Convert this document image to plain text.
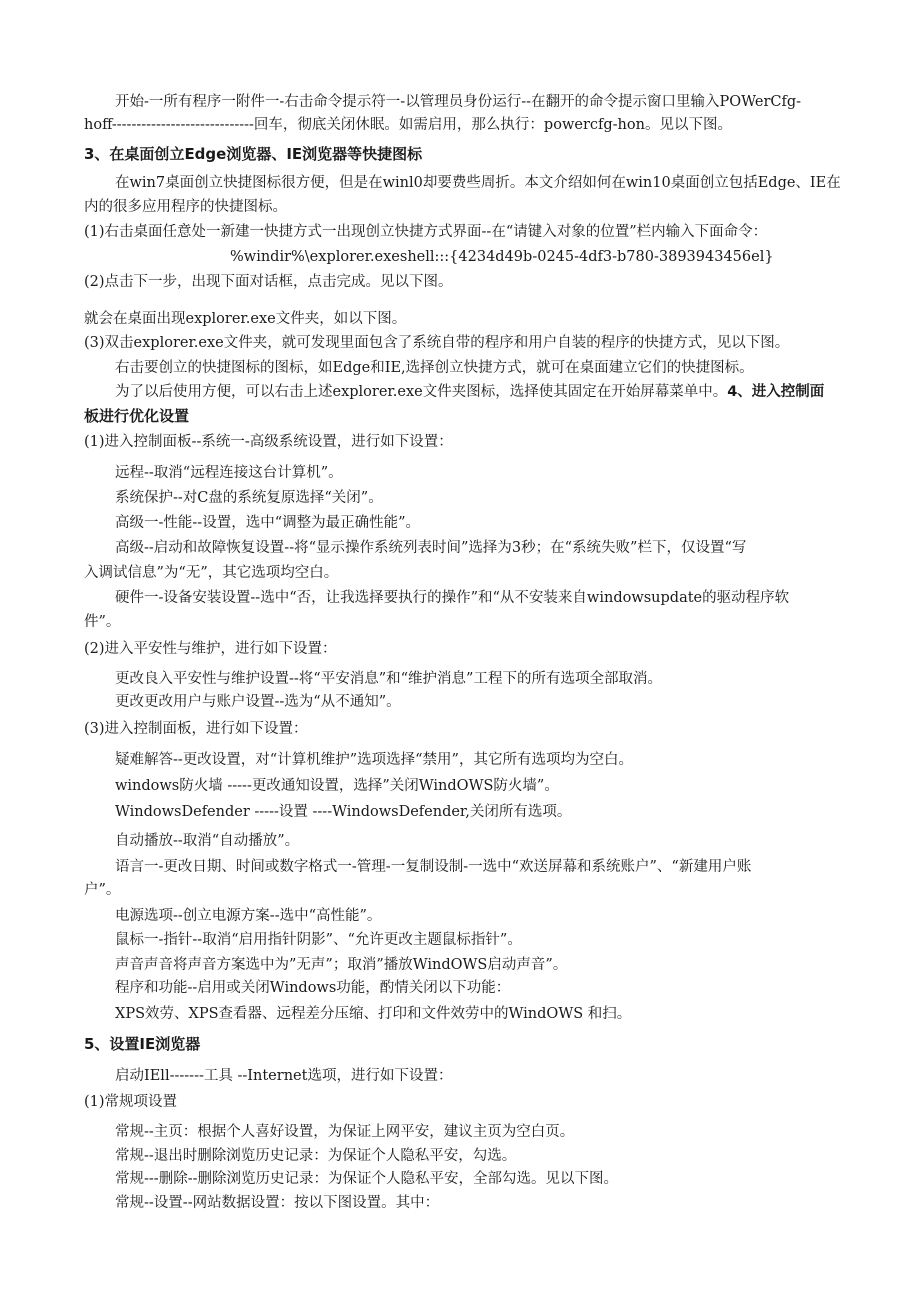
开始-一所有程序一附件一-右击命令提示符一-以管理员身份运行--在翻开的命令提示窗口里输入POWerCfg-
hoff-----------------------------回车，彻底关闭休眠。如需启用，那么执行：powercfg-hon。见以下图。
3、在桌面创立Edge浏览器、IE浏览器等快捷图标
在win7桌面创立快捷图标很方便，但是在winl0却要费些周折。本文介绍如何在win10桌面创立包括Edge、IE在
内的很多应用程序的快捷图标。
(1)右击桌面任意处一新建一快捷方式一出现创立快捷方式界面--在“请键入对象的位置”栏内输入下面命令：
%windir%\explorer.exeshell:::{4234d49b-0245-4df3-b780-3893943456el}
(2)点击下一步，出现下面对话框，点击完成。见以下图。
就会在桌面出现explorer.exe文件夹，如以下图。
(3)双击explorer.exe文件夹，就可发现里面包含了系统自带的程序和用户自装的程序的快捷方式，见以下图。
右击要创立的快捷图标的图标，如Edge和IE,选择创立快捷方式，就可在桌面建立它们的快捷图标。
为了以后使用方便，可以右击上述explorer.exe文件夹图标，选择使其固定在开始屏幕菜单中。4、进入控制面
板进行优化设置
(1)进入控制面板--系统一-高级系统设置，进行如下设置：
远程--取消“远程连接这台计算机”。
系统保护--对C盘的系统复原选择“关闭”。
高级一-性能--设置，选中“调整为最正确性能”。
高级--启动和故障恢复设置--将“显示操作系统列表时间”选择为3秒；在“系统失败”栏下，仅设置“写
入调试信息”为“无”，其它选项均空白。
硬件一-设备安装设置--选中“否，让我选择要执行的操作”和“从不安装来自windowsupdate的驱动程序软
件”。
(2)进入平安性与维护，进行如下设置：
更改良入平安性与维护设置--将“平安消息”和“维护消息”工程下的所有选项全部取消。
更改更改用户与账户设置--选为“从不通知”。
(3)进入控制面板，进行如下设置：
疑难解答--更改设置，对“计算机维护”选项选择“禁用”，其它所有选项均为空白。
windows防火墙 -----更改通知设置，选择”关闭WindOWS防火墙”。
WindowsDefender -----设置 ----WindowsDefender,关闭所有选项。
自动播放--取消“自动播放”。
语言一-更改日期、时间或数字格式一-管理-一复制设制-一选中“欢送屏幕和系统账户”、“新建用户账
户”。
电源选项--创立电源方案--选中“高性能”。
鼠标一-指针--取消“启用指针阴影”、“允许更改主题鼠标指针”。
声音声音将声音方案选中为”无声”；取消”播放WindOWS启动声音”。
程序和功能--启用或关闭Windows功能，酌情关闭以下功能：
XPS效劳、XPS查看器、远程差分压缩、打印和文件效劳中的WindOWS 和扫。
5、设置IE浏览器
启动IEll-------工具 --Internet选项，进行如下设置：
(1)常规项设置
常规--主页：根据个人喜好设置，为保证上网平安，建议主页为空白页。
常规--退出时删除浏览历史记录：为保证个人隐私平安，勾选。
常规---删除--删除浏览历史记录：为保证个人隐私平安，全部勾选。见以下图。
常规--设置--网站数据设置：按以下图设置。其中：
